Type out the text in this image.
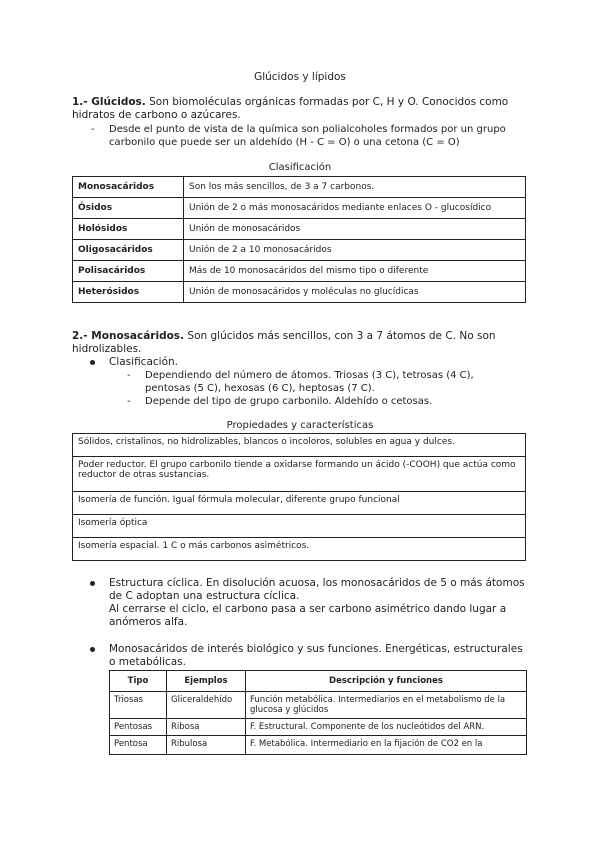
Glúcidos y lípidos
1.- Glúcidos. Son biomoléculas orgánicas formadas por C, H y O. Conocidos como
hidratos de carbono o azúcares.
- Desde el punto de vista de la química son polialcoholes formados por un grupo
carbonilo que puede ser un aldehído (H - C = O) o una cetona (C = O)
Clasificación
Monosacáridos	Son los más sencillos, de 3 a 7 carbonos.
Ósidos	Unión de 2 o más monosacáridos mediante enlaces O - glucosídico
Holósidos	Unión de monosacáridos
Oligosacáridos	Unión de 2 a 10 monosacáridos
Polisacáridos	Más de 10 monosacáridos del mismo tipo o diferente
Heterósidos	Unión de monosacáridos y moléculas no glucídicas
2.- Monosacáridos. Son glúcidos más sencillos, con 3 a 7 átomos de C. No son
hidrolizables.
Clasificación.
- Dependiendo del número de átomos. Triosas (3 C), tetrosas (4 C),
pentosas (5 C), hexosas (6 C), heptosas (7 C).
- Depende del tipo de grupo carbonilo. Aldehído o cetosas.
Propiedades y características
Sólidos, cristalinos, no hidrolizables, blancos o incoloros, solubles en agua y dulces.
Poder reductor. El grupo carbonilo tiende a oxidarse formando un ácido (-COOH) que actúa como reductor de otras sustancias.
Isomería de función. Igual fórmula molecular, diferente grupo funcional
Isomería óptica
Isomería espacial. 1 C o más carbonos asimétricos.
Estructura cíclica. En disolución acuosa, los monosacáridos de 5 o más átomos
de C adoptan una estructura cíclica.
Al cerrarse el ciclo, el carbono pasa a ser carbono asimétrico dando lugar a
anómeros alfa.
Monosacáridos de interés biológico y sus funciones. Energéticas, estructurales
o metabólicas.
Tipo	Ejemplos	Descripción y funciones
Triosas	Gliceraldehído	Función metabólica. Intermediarios en el metabolismo de la glucosa y glúcidos
Pentosas	Ribosa	F. Estructural. Componente de los nucleótidos del ARN.
Pentosa	Ribulosa	F. Metabólica. Intermediario en la fijación de CO2 en la
